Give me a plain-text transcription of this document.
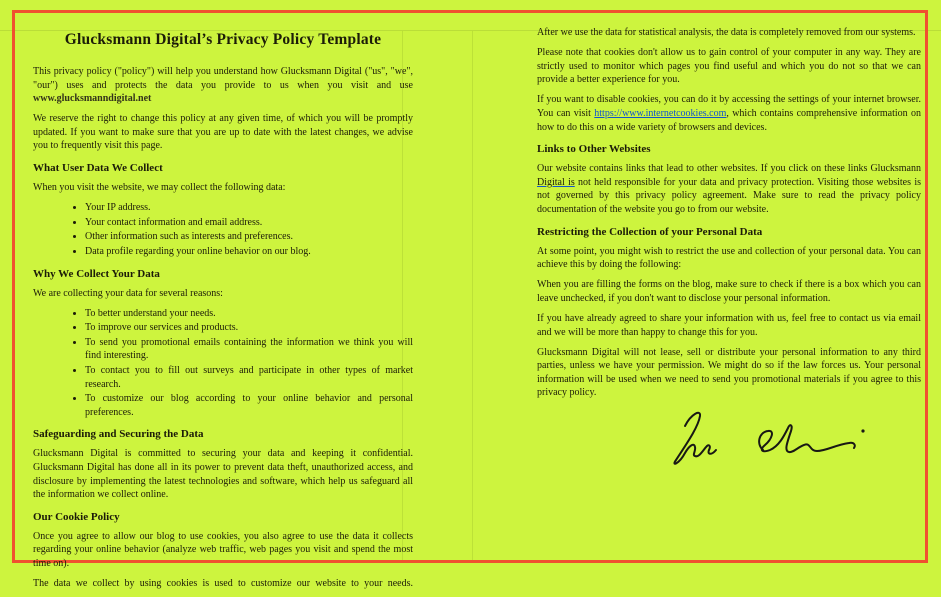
Glucksmann Digital’s Privacy Policy Template

This privacy policy ("policy") will help you understand how Glucksmann Digital ("us", "we", "our") uses and protects the data you provide to us when you visit and use www.glucksmanndigital.net

We reserve the right to change this policy at any given time, of which you will be promptly updated. If you want to make sure that you are up to date with the latest changes, we advise you to frequently visit this page.

What User Data We Collect

When you visit the website, we may collect the following data:

• Your IP address.
• Your contact information and email address.
• Other information such as interests and preferences.
• Data profile regarding your online behavior on our blog.
Why We Collect Your Data

We are collecting your data for several reasons:

• To better understand your needs.
• To improve our services and products.
• To send you promotional emails containing the information we think you will find interesting.
• To contact you to fill out surveys and participate in other types of market research.
• To customize our blog according to your online behavior and personal preferences.
Safeguarding and Securing the Data

Glucksmann Digital is committed to securing your data and keeping it confidential. Glucksmann Digital has done all in its power to prevent data theft, unauthorized access, and disclosure by implementing the latest technologies and software, which help us safeguard all the information we collect online.

Our Cookie Policy

Once you agree to allow our blog to use cookies, you also agree to use the data it collects regarding your online behavior (analyze web traffic, web pages you visit and spend the most time on).

The data we collect by using cookies is used to customize our website to your needs.

After we use the data for statistical analysis, the data is completely removed from our systems.

Please note that cookies don't allow us to gain control of your computer in any way. They are strictly used to monitor which pages you find useful and which you do not so that we can provide a better experience for you.

If you want to disable cookies, you can do it by accessing the settings of your internet browser. You can visit https://www.internetcookies.com, which contains comprehensive information on how to do this on a wide variety of browsers and devices.

Links to Other Websites

Our website contains links that lead to other websites. If you click on these links Glucksmann Digital is not held responsible for your data and privacy protection. Visiting those websites is not governed by this privacy policy agreement. Make sure to read the privacy policy documentation of the website you go to from our website.

Restricting the Collection of your Personal Data

At some point, you might wish to restrict the use and collection of your personal data. You can achieve this by doing the following:

When you are filling the forms on the blog, make sure to check if there is a box which you can leave unchecked, if you don't want to disclose your personal information.

If you have already agreed to share your information with us, feel free to contact us via email and we will be more than happy to change this for you.

Glucksmann Digital will not lease, sell or distribute your personal information to any third parties, unless we have your permission. We might do so if the law forces us. Your personal information will be used when we need to send you promotional materials if you agree to this privacy policy.
